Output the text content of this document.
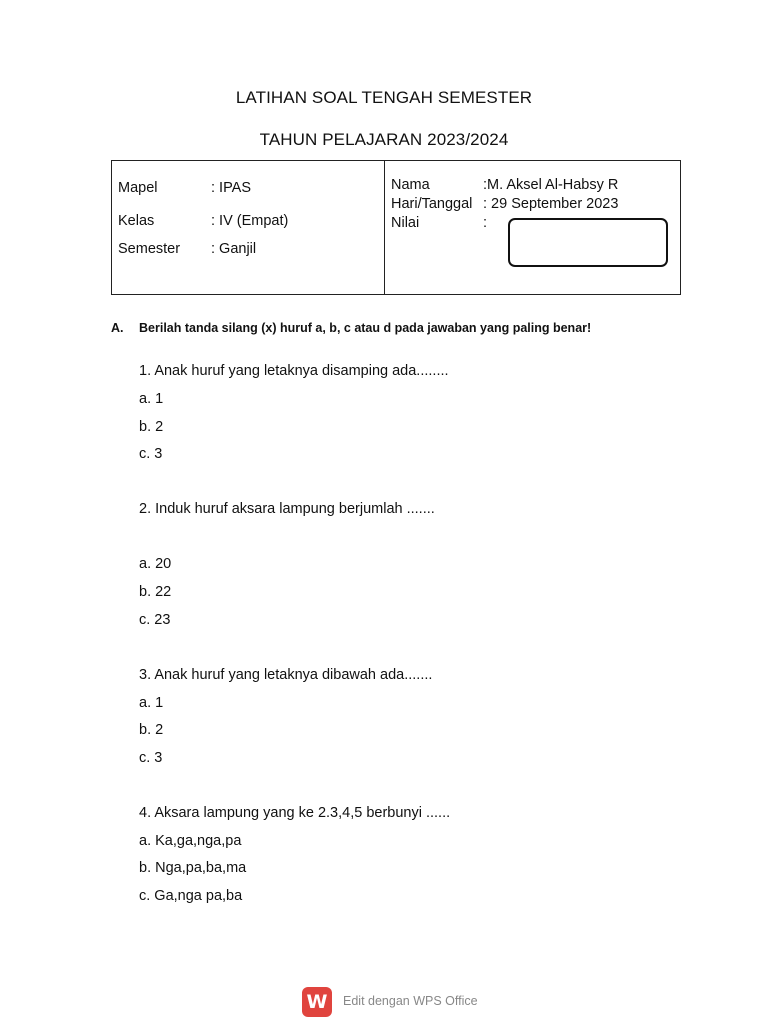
LATIHAN SOAL TENGAH SEMESTER
TAHUN PELAJARAN 2023/2024
Mapel	: IPAS
Kelas	: IV (Empat)
Semester : Ganjil
Nama	:M. Aksel Al-Habsy R
Hari/Tanggal : 29 September 2023
Nilai	:
A. Berilah tanda silang (x) huruf a, b, c atau d pada jawaban yang paling benar!
1. Anak huruf yang letaknya disamping ada........
a. 1
b. 2
c. 3
2. Induk huruf aksara lampung berjumlah .......
a. 20
b. 22
c. 23
3. Anak huruf yang letaknya dibawah ada.......
a. 1
b. 2
c. 3
4. Aksara lampung yang ke 2.3,4,5 berbunyi ......
a. Ka,ga,nga,pa
b. Nga,pa,ba,ma
c. Ga,nga pa,ba
W	Edit dengan WPS Office
